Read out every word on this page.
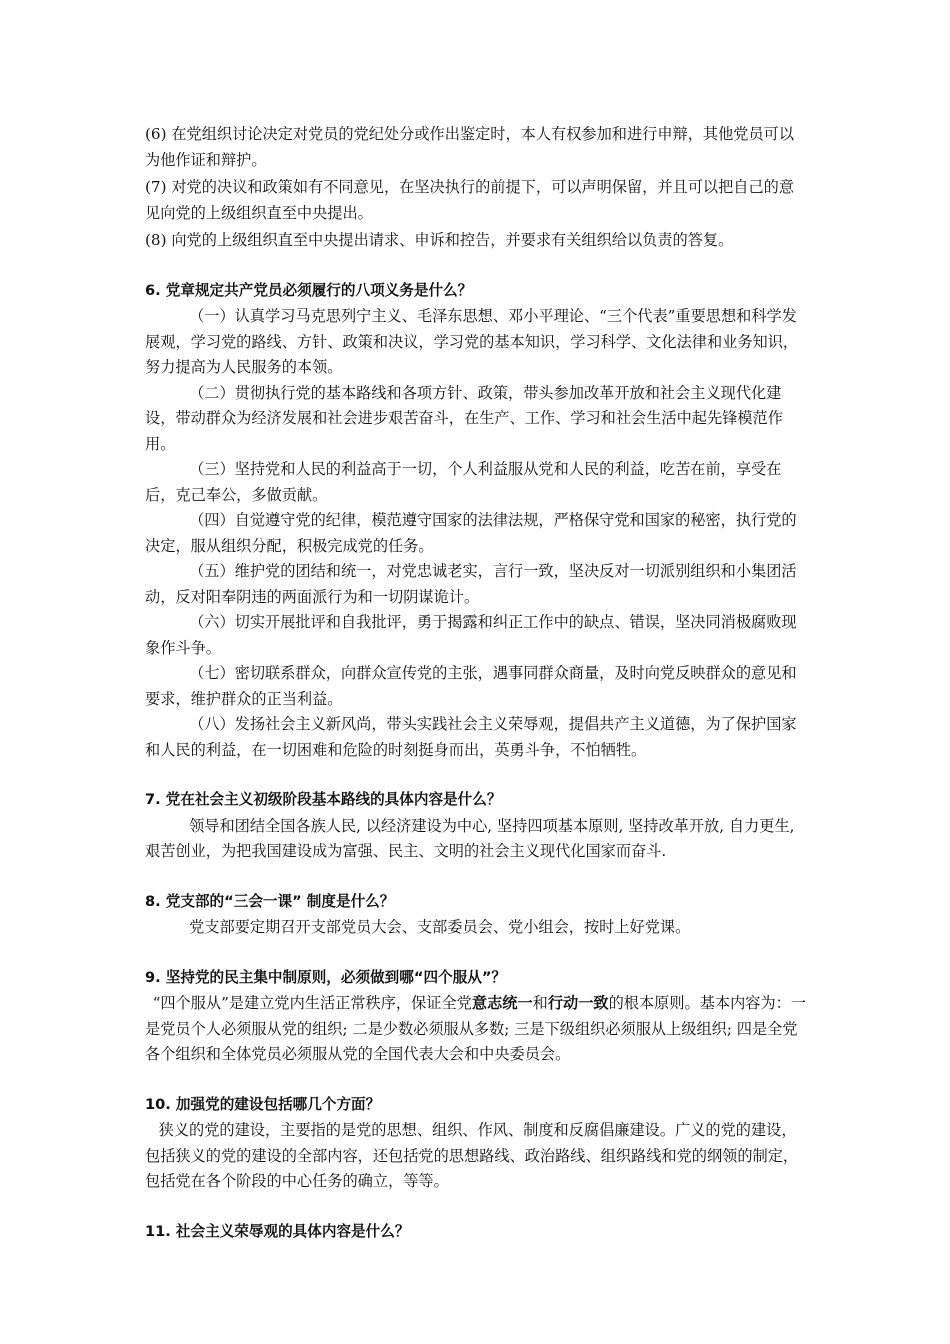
(6) 在党组织讨论决定对党员的党纪处分或作出鉴定时，本人有权参加和进行申辩，其他党员可以为他作证和辩护。

(7) 对党的决议和政策如有不同意见，在坚决执行的前提下，可以声明保留，并且可以把自己的意见向党的上级组织直至中央提出。

(8) 向党的上级组织直至中央提出请求、申诉和控告，并要求有关组织给以负责的答复。

6. 党章规定共产党员必须履行的八项义务是什么？

（一）认真学习马克思列宁主义、毛泽东思想、邓小平理论、“三个代表”重要思想和科学发展观，学习党的路线、方针、政策和决议，学习党的基本知识，学习科学、文化法律和业务知识，努力提高为人民服务的本领。

（二）贯彻执行党的基本路线和各项方针、政策，带头参加改革开放和社会主义现代化建设，带动群众为经济发展和社会进步艰苦奋斗，在生产、工作、学习和社会生活中起先锋模范作用。

（三）坚持党和人民的利益高于一切，个人利益服从党和人民的利益，吃苦在前，享受在后，克己奉公，多做贡献。

（四）自觉遵守党的纪律，模范遵守国家的法律法规，严格保守党和国家的秘密，执行党的决定，服从组织分配，积极完成党的任务。

（五）维护党的团结和统一，对党忠诚老实，言行一致，坚决反对一切派别组织和小集团活动，反对阳奉阴违的两面派行为和一切阴谋诡计。

（六）切实开展批评和自我批评，勇于揭露和纠正工作中的缺点、错误，坚决同消极腐败现象作斗争。

（七）密切联系群众，向群众宣传党的主张，遇事同群众商量，及时向党反映群众的意见和要求，维护群众的正当利益。

（八）发扬社会主义新风尚，带头实践社会主义荣辱观，提倡共产主义道德，为了保护国家和人民的利益，在一切困难和危险的时刻挺身而出，英勇斗争，不怕牺牲。

7. 党在社会主义初级阶段基本路线的具体内容是什么？

领导和团结全国各族人民, 以经济建设为中心, 坚持四项基本原则, 坚持改革开放, 自力更生, 艰苦创业，为把我国建设成为富强、民主、文明的社会主义现代化国家而奋斗.

8. 党支部的“三会一课” 制度是什么？

党支部要定期召开支部党员大会、支部委员会、党小组会，按时上好党课。

9. 坚持党的民主集中制原则，必须做到哪“四个服从”？

“四个服从”是建立党内生活正常秩序，保证全党意志统一和行动一致的根本原则。基本内容为：一是党员个人必须服从党的组织; 二是少数必须服从多数; 三是下级组织必须服从上级组织; 四是全党各个组织和全体党员必须服从党的全国代表大会和中央委员会。

10. 加强党的建设包括哪几个方面？

狭义的党的建设，主要指的是党的思想、组织、作风、制度和反腐倡廉建设。广义的党的建设，包括狭义的党的建设的全部内容，还包括党的思想路线、政治路线、组织路线和党的纲领的制定，包括党在各个阶段的中心任务的确立，等等。

11. 社会主义荣辱观的具体内容是什么？
